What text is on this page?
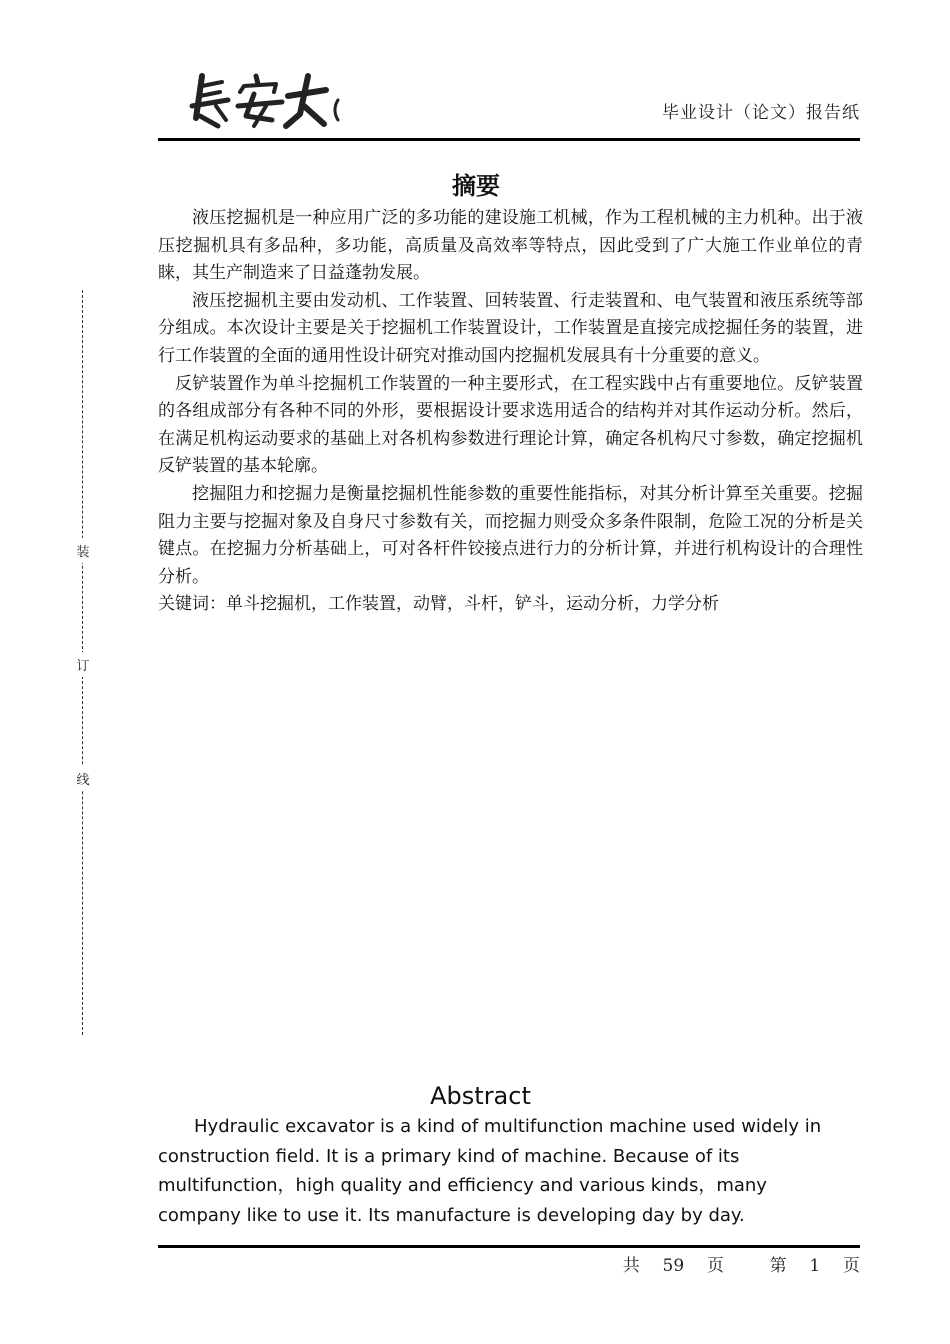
毕业设计（论文）报告纸
装
订
线
摘要

液压挖掘机是一种应用广泛的多功能的建设施工机械，作为工程机械的主力机种。出于液压挖掘机具有多品种，多功能，高质量及高效率等特点，因此受到了广大施工作业单位的青睐，其生产制造来了日益蓬勃发展。

液压挖掘机主要由发动机、工作装置、回转装置、行走装置和、电气装置和液压系统等部分组成。本次设计主要是关于挖掘机工作装置设计，工作装置是直接完成挖掘任务的装置，进行工作装置的全面的通用性设计研究对推动国内挖掘机发展具有十分重要的意义。

反铲装置作为单斗挖掘机工作装置的一种主要形式，在工程实践中占有重要地位。反铲装置的各组成部分有各种不同的外形，要根据设计要求选用适合的结构并对其作运动分析。然后，在满足机构运动要求的基础上对各机构参数进行理论计算，确定各机构尺寸参数，确定挖掘机反铲装置的基本轮廓。

挖掘阻力和挖掘力是衡量挖掘机性能参数的重要性能指标，对其分析计算至关重要。挖掘阻力主要与挖掘对象及自身尺寸参数有关，而挖掘力则受众多条件限制，危险工况的分析是关键点。在挖掘力分析基础上，可对各杆件铰接点进行力的分析计算，并进行机构设计的合理性分析。

关键词：单斗挖掘机，工作装置，动臂，斗杆，铲斗，运动分析，力学分析

Abstract

Hydraulic excavator is a kind of multifunction machine used widely in construction field. It is a primary kind of machine. Because of its multifunction，high quality and efficiency and various kinds，many company like to use it. Its manufacture is developing day by day.

共  59  页    第  1  页
